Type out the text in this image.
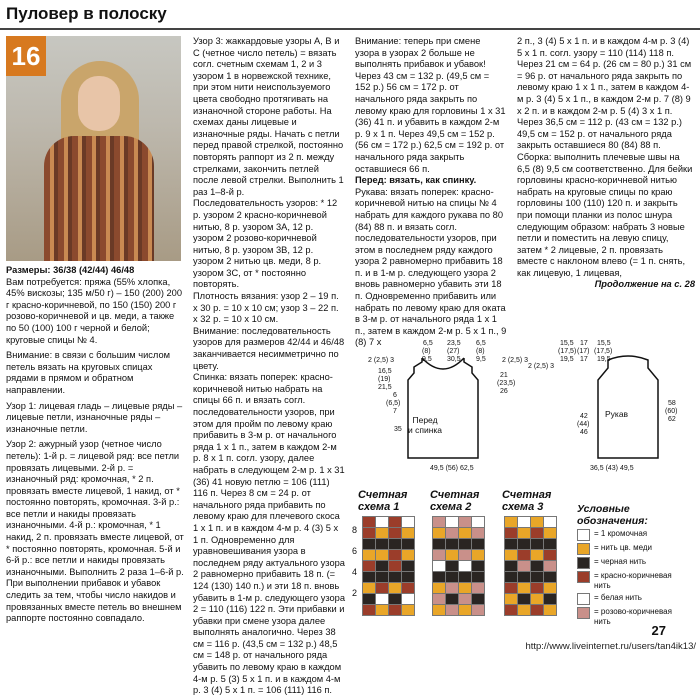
Пуловер в полоску
16

Размеры: 36/38 (42/44) 46/48

Вам потребуется: пряжа (55% хлопка, 45% вискозы; 135 м/50 г) – 150 (200) 200 г красно-коричневой, по 150 (150) 200 г розово-коричневой и цв. меди, а также по 50 (100) 100 г черной и белой; круговые спицы № 4.

Внимание: в связи с большим числом петель вязать на круговых спицах рядами в прямом и обратном направлении.

Узор 1: лицевая гладь – лицевые ряды – лицевые петли, изнаночные ряды – изнаночные петли.

Узор 2: ажурный узор (четное число петель): 1-й р. = лицевой ряд: все петли провязать лицевыми. 2-й р. = изнаночный ряд: кромочная, * 2 п. провязать вместе лицевой, 1 накид, от * постоянно повторять, кромочная. 3-й р.: все петли и накиды провязать изнаночными. 4-й р.: кромочная, * 1 накид, 2 п. провязать вместе лицевой, от * постоянно повторять, кромочная. 5-й и 6-й р.: все петли и накиды провязать изнаночными. Выполнить 2 раза 1–6-й р. При выполнении прибавок и убавок следить за тем, чтобы число накидов и провязанных вместе петель во внешнем раппорте постоянно совпадало.

Узор 3: жаккардовые узоры А, В и С (четное число петель) = вязать согл. счетным схемам 1, 2 и 3 узором 1 в норвежской технике, при этом нити неиспользуемого цвета свободно протягивать на изнаночной стороне работы. На схемах даны лицевые и изнаночные ряды. Начать с петли перед правой стрелкой, постоянно повторять раппорт из 2 п. между стрелками, закончить петлей после левой стрелки. Выполнить 1 раз 1–8-й р.

Последовательность узоров: * 12 р. узором 2 красно-коричневой нитью, 8 р. узором 3А, 12 р. узором 2 розово-коричневой нитью, 8 р. узором 3В, 12 р. узором 2 нитью цв. меди, 8 р. узором 3С, от * постоянно повторять.

Плотность вязания: узор 2 – 19 п. х 30 р. = 10 х 10 см; узор 3 – 22 п. х 32 р. = 10 х 10 см.

Внимание: последовательность узоров для размеров 42/44 и 46/48 заканчивается несимметрично по цвету.

Спинка: вязать поперек: красно-коричневой нитью набрать на спицы 66 п. и вязать согл. последовательности узоров, при этом для пройм по левому краю прибавить в 3-м р. от начального ряда 1 х 1 п., затем в каждом 2-м р. 8 х 1 п. согл. узору, далее набрать в следующем 2-м р. 1 х 31 (36) 41 новую петлю = 106 (111) 116 п. Через 8 см = 24 р. от начального ряда прибавить по левому краю для плечевого скоса 1 х 1 п. и в каждом 4-м р. 4 (3) 5 х 1 п. Одновременно для уравновешивания узора в последнем ряду актуального узора 2 равномерно прибавить 18 п. (= 124 (130) 140 п.) и эти 18 п. вновь убавить в 1-м р. следующего узора 2 = 110 (116) 122 п. Эти прибавки и убавки при смене узора далее выполнять аналогично. Через 38 см = 116 р. (43,5 см = 132 р.) 48,5 см = 148 р. от начального ряда убавить по левому краю в каждом 4-м р. 5 (3) 5 х 1 п. и в каждом 4-м р. 3 (4) 5 х 1 п. = 106 (111) 116 п.

Внимание: теперь при смене узора в узорах 2 больше не выполнять прибавок и убавок! Через 43 см = 132 р. (49,5 см = 152 р.) 56 см = 172 р. от начального ряда закрыть по левому краю для горловины 1 х 31 (36) 41 п. и убавить в каждом 2-м р. 9 х 1 п. Через 49,5 см = 152 р. (56 см = 172 р.) 62,5 см = 192 р. от начального ряда закрыть оставшиеся 66 п.

Перед: вязать, как спинку.

Рукава: вязать поперек: красно-коричневой нитью на спицы № 4 набрать для каждого рукава по 80 (84) 88 п. и вязать согл. последовательности узоров, при этом в последнем ряду каждого узора 2 равномерно прибавить 18 п. и в 1-м р. следующего узора 2 вновь равномерно убавить эти 18 п. Одновременно прибавить или набрать по левому краю для оката в 3-м р. от начального ряда 1 х 1 п., затем в каждом 2-м р. 5 х 1 п., 9 (8) 7 х

2 п., 3 (4) 5 х 1 п. и в каждом 4-м р. 3 (4) 5 х 1 п. согл. узору = 110 (114) 118 п. Через 21 см = 64 р. (26 см = 80 р.) 31 см = 96 р. от начального ряда закрыть по левому краю 1 х 1 п., затем в каждом 4-м р. 3 (4) 5 х 1 п., в каждом 2-м р. 7 (8) 9 х 2 п. и в каждом 2-м р. 5 (4) 3 х 1 п. Через 36,5 см = 112 р. (43 см = 132 р.) 49,5 см = 152 р. от начального ряда закрыть оставшиеся 80 (84) 88 п.

Сборка: выполнить плечевые швы на 6,5 (8) 9,5 см соответственно. Для бейки горловины красно-коричневой нитью набрать на круговые спицы по краю горловины 100 (110) 120 п. и закрыть при помощи планки из полос шнура следующим образом: набрать 3 новые петли и поместить на левую спицу, затем * 2 лицевые, 2 п. провязать вместе с наклоном влево (= 1 п. снять, как лицевую, 1 лицевая,

Продолжение на с. 28

Перед
и спинка
6,5 23,5 6,5
(8) (27) (8)
9,5 30,5 9,5
2 (2,5) 3
16,5
(19)
21,5
6
(6,5)
7
35
2 (2,5) 3
21
(23,5)
26
49,5 (56) 62,5
Рукав
15,5 17 15,5
(17,5) (17) (17,5)
19,5 17 19,5
2 (2,5) 3
42
(44)
46
58
(60)
62
36,5 (43) 49,5
Счетная
схема 1
8
6
4
2
Счетная
схема 2
Счетная
схема 3	Условные
обозначения:
= 1 кромочная
= нить цв. меди
= черная нить
= красно-коричневая нить
= белая нить
= розово-коричневая нить
27
http://www.liveinternet.ru/users/tan4ik13/
